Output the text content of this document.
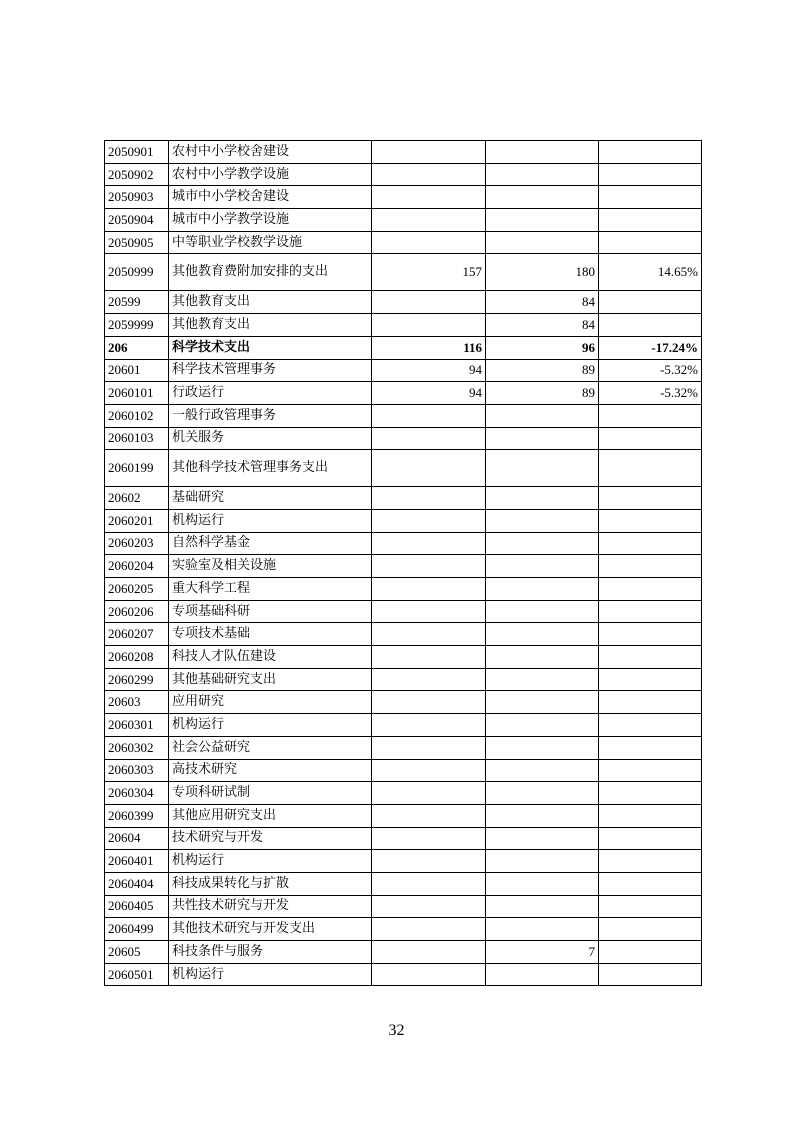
2050901	农村中小学校舍建设			
2050902	农村中小学教学设施			
2050903	城市中小学校舍建设			
2050904	城市中小学教学设施			
2050905	中等职业学校教学设施			
2050999	其他教育费附加安排的支出	157	180	14.65%
20599	其他教育支出		84	
2059999	其他教育支出		84	
206	科学技术支出	116	96	-17.24%
20601	科学技术管理事务	94	89	-5.32%
2060101	行政运行	94	89	-5.32%
2060102	一般行政管理事务			
2060103	机关服务			
2060199	其他科学技术管理事务支出			
20602	基础研究			
2060201	机构运行			
2060203	自然科学基金			
2060204	实验室及相关设施			
2060205	重大科学工程			
2060206	专项基础科研			
2060207	专项技术基础			
2060208	科技人才队伍建设			
2060299	其他基础研究支出			
20603	应用研究			
2060301	机构运行			
2060302	社会公益研究			
2060303	高技术研究			
2060304	专项科研试制			
2060399	其他应用研究支出			
20604	技术研究与开发			
2060401	机构运行			
2060404	科技成果转化与扩散			
2060405	共性技术研究与开发			
2060499	其他技术研究与开发支出			
20605	科技条件与服务		7	
2060501	机构运行			
32
